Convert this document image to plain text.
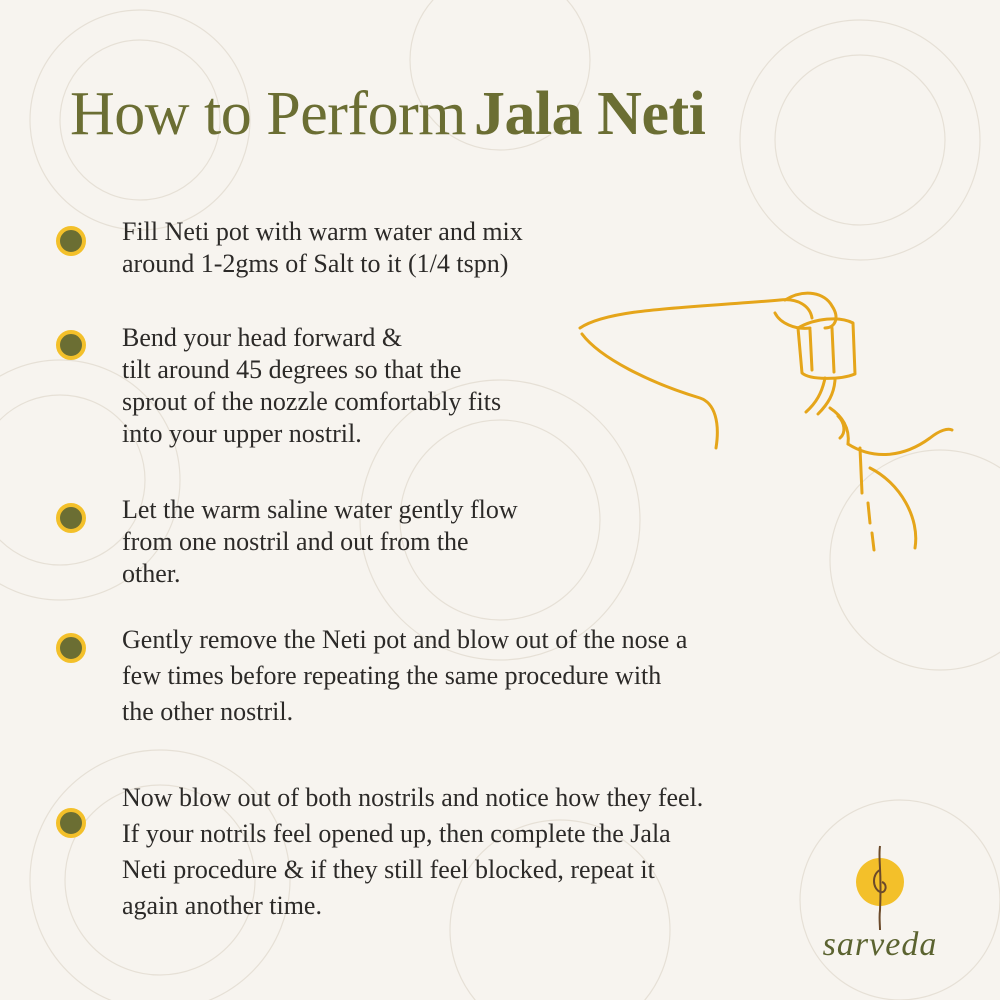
How to Perform Jala Neti

Fill Neti pot with warm water and mix
around 1-2gms of Salt to it (1/4 tspn)

Bend your head forward &
tilt around 45 degrees so that the
sprout of the nozzle comfortably fits
into your upper nostril.

Let the warm saline water gently flow
from one nostril and out from the
other.

Gently remove the Neti pot and blow out of the nose a
few times before repeating the same procedure with
the other nostril.

Now blow out of both nostrils and notice how they feel.
If your notrils feel opened up, then complete the Jala
Neti procedure & if they still feel blocked, repeat it
again another time.

sarveda
